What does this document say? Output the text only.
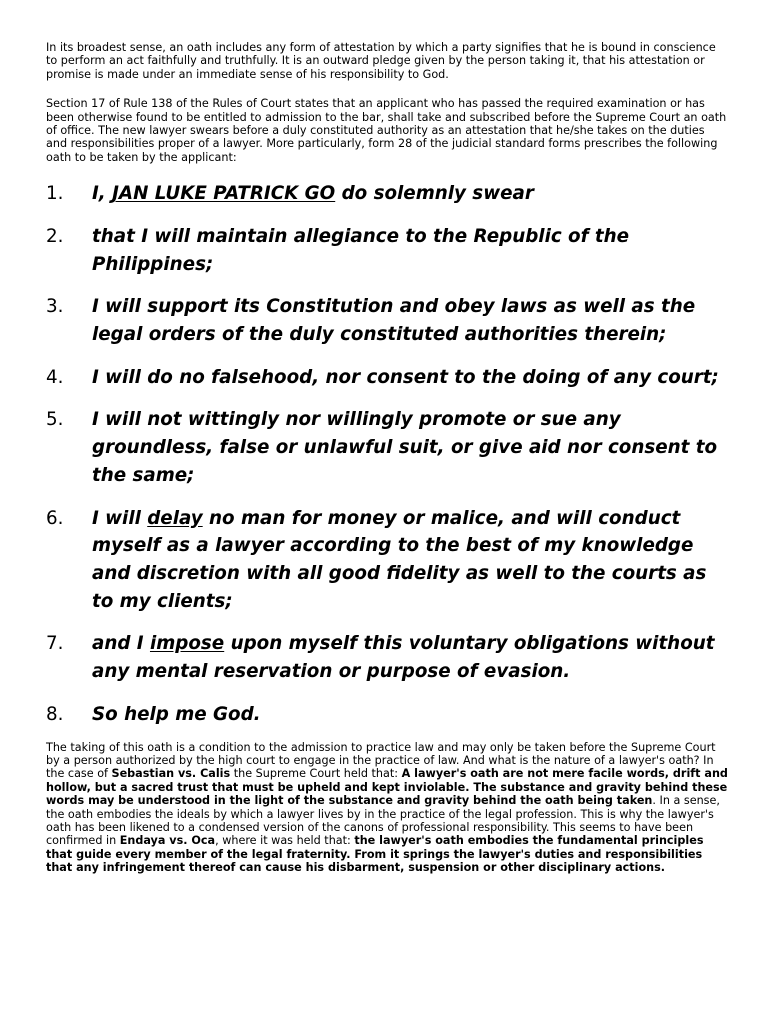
In its broadest sense, an oath includes any form of attestation by which a party signifies that he is bound in conscience to perform an act faithfully and truthfully. It is an outward pledge given by the person taking it, that his attestation or promise is made under an immediate sense of his responsibility to God.

Section 17 of Rule 138 of the Rules of Court states that an applicant who has passed the required examination or has been otherwise found to be entitled to admission to the bar, shall take and subscribed before the Supreme Court an oath of office. The new lawyer swears before a duly constituted authority as an attestation that he/she takes on the duties and responsibilities proper of a lawyer. More particularly, form 28 of the judicial standard forms prescribes the following oath to be taken by the applicant:

1. I, JAN LUKE PATRICK GO do solemnly swear
2. that I will maintain allegiance to the Republic of the Philippines;
3. I will support its Constitution and obey laws as well as the legal orders of the duly constituted authorities therein;
4. I will do no falsehood, nor consent to the doing of any court;
5. I will not wittingly nor willingly promote or sue any groundless, false or unlawful suit, or give aid nor consent to the same;
6. I will delay no man for money or malice, and will conduct myself as a lawyer according to the best of my knowledge and discretion with all good fidelity as well to the courts as to my clients;
7. and I impose upon myself this voluntary obligations without any mental reservation or purpose of evasion.
8. So help me God.

The taking of this oath is a condition to the admission to practice law and may only be taken before the Supreme Court by a person authorized by the high court to engage in the practice of law. And what is the nature of a lawyer's oath? In the case of Sebastian vs. Calis the Supreme Court held that: A lawyer's oath are not mere facile words, drift and hollow, but a sacred trust that must be upheld and kept inviolable. The substance and gravity behind these words may be understood in the light of the substance and gravity behind the oath being taken. In a sense, the oath embodies the ideals by which a lawyer lives by in the practice of the legal profession. This is why the lawyer's oath has been likened to a condensed version of the canons of professional responsibility. This seems to have been confirmed in Endaya vs. Oca, where it was held that: the lawyer's oath embodies the fundamental principles that guide every member of the legal fraternity. From it springs the lawyer's duties and responsibilities that any infringement thereof can cause his disbarment, suspension or other disciplinary actions.
